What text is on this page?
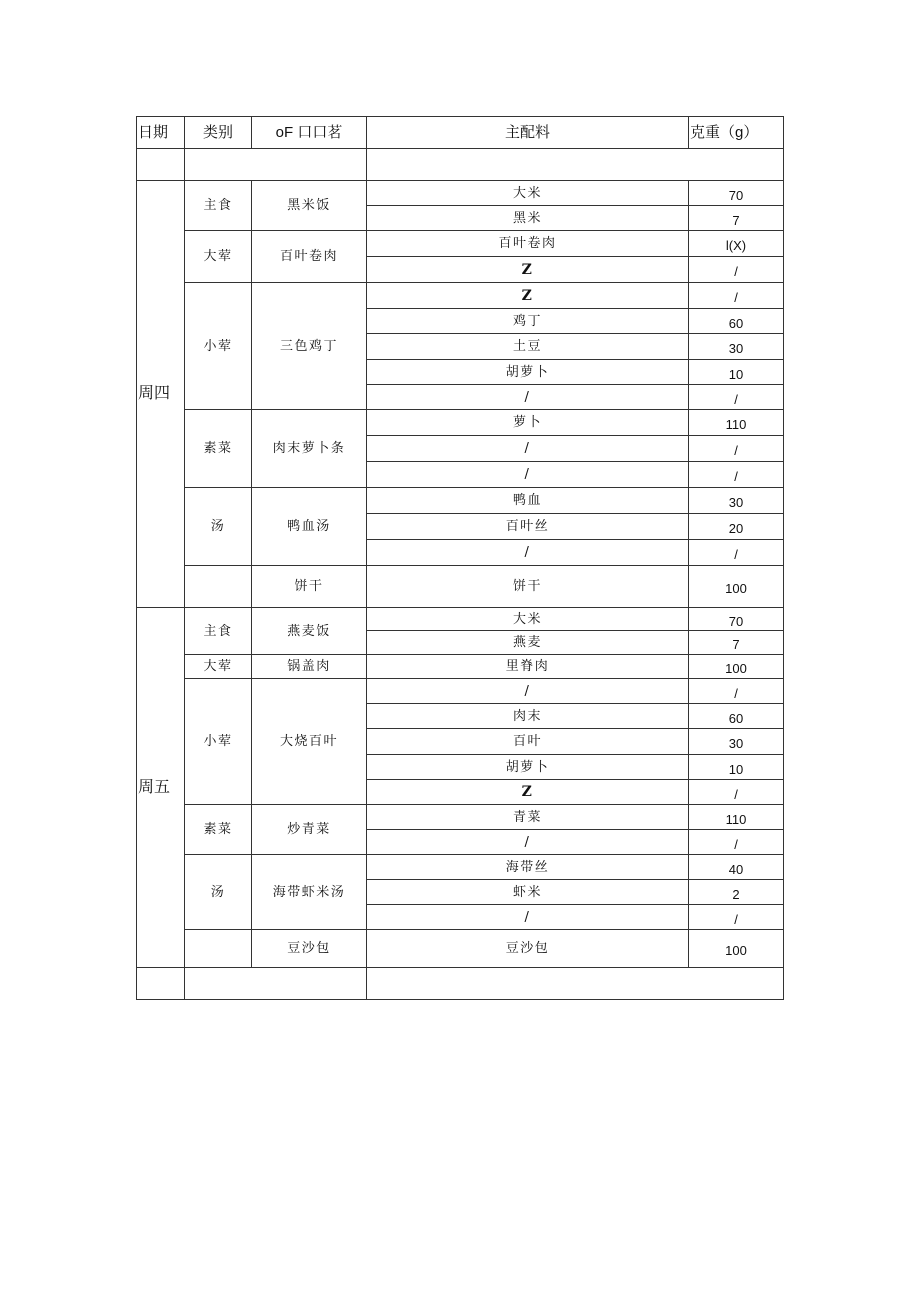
日期	类别	oF 口口茗	主配料	克重（g）

周四	主食	黑米饭	大米	70
			黑米	7
	大荤	百叶卷肉	百叶卷肉	l(X)
			Z	/
	小荤	三色鸡丁	Z	/
			鸡丁	60
			土豆	30
			胡萝卜	10
			/	/
	素菜	肉末萝卜条	萝卜	110
			/	/
			/	/
	汤	鸭血汤	鸭血	30
			百叶丝	20
			/	/
		饼干	饼干	100
周五	主食	燕麦饭	大米	70
			燕麦	7
	大荤	锅盖肉	里脊肉	100
	小荤	大烧百叶	/	/
			肉末	60
			百叶	30
			胡萝卜	10
			Z	/
	素菜	炒青菜	青菜	110
			/	/
	汤	海带虾米汤	海带丝	40
			虾米	2
			/	/
		豆沙包	豆沙包	100
